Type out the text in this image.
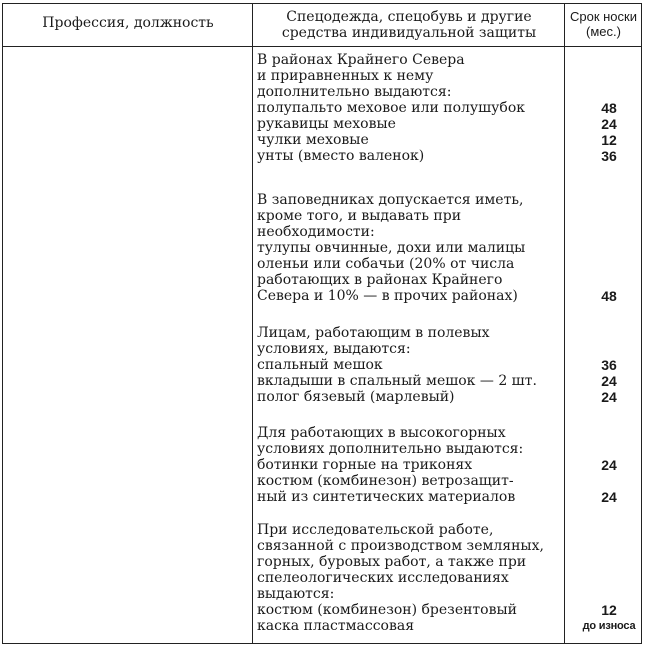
Профессия, должность	Спецодежда, спецобувь и другие
средства индивидуальной защиты
Срок носки
(мес.)
В районах Крайнего Севера
и приравненных к нему
дополнительно выдаются:
полупальто меховое или полушубок
рукавицы меховые
чулки меховые
унты (вместо валенок)
48
24
12
36
В заповедниках допускается иметь,
кроме того, и выдавать при
необходимости:
тулупы овчинные, дохи или малицы
оленьи или собачьи (20% от числа
работающих в районах Крайнего
Севера и 10% — в прочих районах)	48
Лицам, работающим в полевых
условиях, выдаются:
спальный мешок
вкладыши в спальный мешок — 2 шт.
полог бязевый (марлевый)
36
24
24
Для работающих в высокогорных
условиях дополнительно выдаются:
ботинки горные на триконях
костюм (комбинезон) ветрозащит-
ный из синтетических материалов
24
24
При исследовательской работе,
связанной с производством земляных,
горных, буровых работ, а также при
спелеологических исследованиях
выдаются:
костюм (комбинезон) брезентовый
каска пластмассовая
12
до износа
